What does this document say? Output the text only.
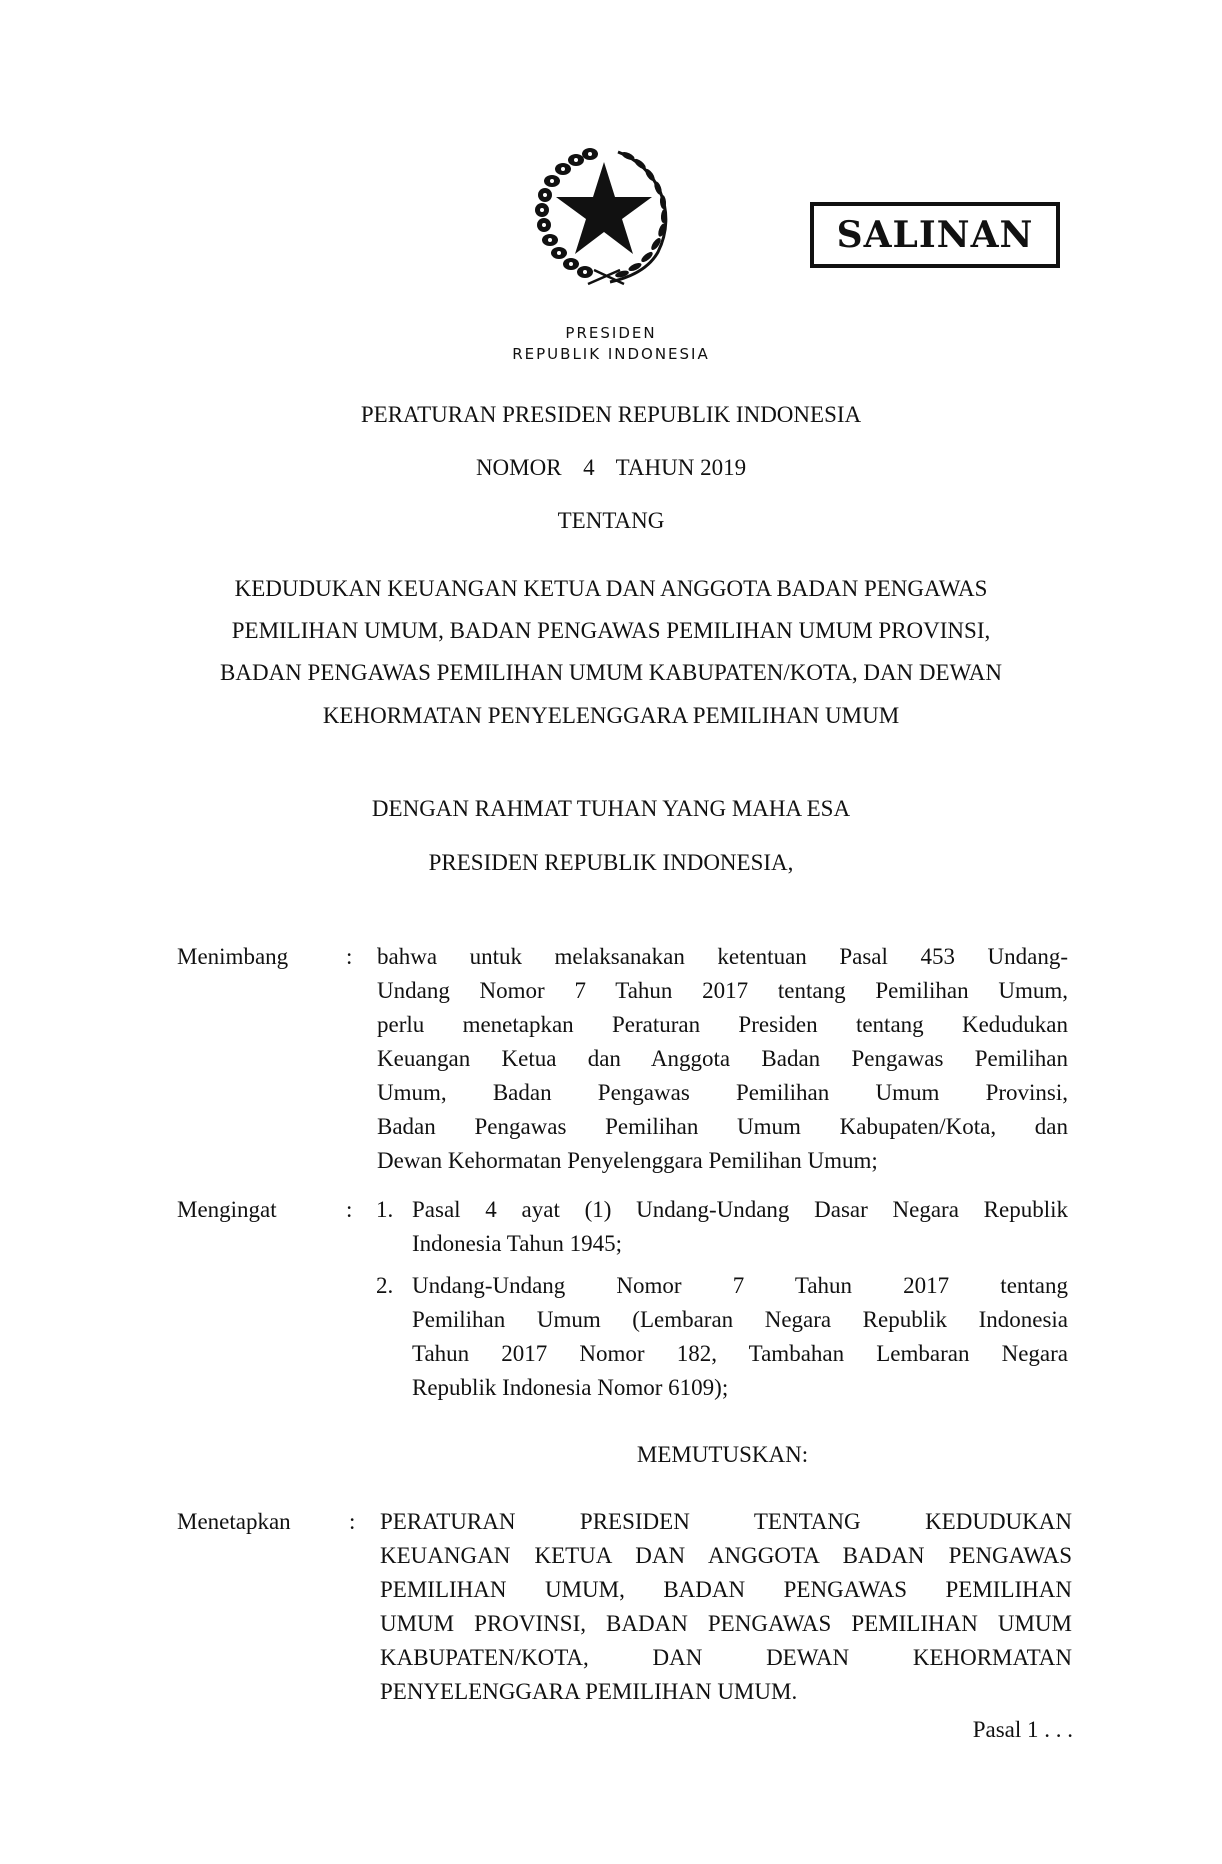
SALINAN
PRESIDEN
REPUBLIK INDONESIA
PERATURAN PRESIDEN REPUBLIK INDONESIA
NOMOR 4 TAHUN 2019
TENTANG
KEDUDUKAN KEUANGAN KETUA DAN ANGGOTA BADAN PENGAWAS
PEMILIHAN UMUM, BADAN PENGAWAS PEMILIHAN UMUM PROVINSI,
BADAN PENGAWAS PEMILIHAN UMUM KABUPATEN/KOTA, DAN DEWAN
KEHORMATAN PENYELENGGARA PEMILIHAN UMUM
DENGAN RAHMAT TUHAN YANG MAHA ESA
PRESIDEN REPUBLIK INDONESIA,
Menimbang	: bahwa untuk melaksanakan ketentuan Pasal 453 Undang-
Undang Nomor 7 Tahun 2017 tentang Pemilihan Umum,
perlu menetapkan Peraturan Presiden tentang Kedudukan
Keuangan Ketua dan Anggota Badan Pengawas Pemilihan
Umum, Badan Pengawas Pemilihan Umum Provinsi,
Badan Pengawas Pemilihan Umum Kabupaten/Kota, dan
Dewan Kehormatan Penyelenggara Pemilihan Umum;
Mengingat	: 1. Pasal 4 ayat (1) Undang-Undang Dasar Negara Republik
Indonesia Tahun 1945;
2. Undang-Undang Nomor 7 Tahun 2017 tentang
Pemilihan Umum (Lembaran Negara Republik Indonesia
Tahun 2017 Nomor 182, Tambahan Lembaran Negara
Republik Indonesia Nomor 6109);
MEMUTUSKAN:
Menetapkan	: PERATURAN PRESIDEN TENTANG KEDUDUKAN
KEUANGAN KETUA DAN ANGGOTA BADAN PENGAWAS
PEMILIHAN UMUM, BADAN PENGAWAS PEMILIHAN
UMUM PROVINSI, BADAN PENGAWAS PEMILIHAN UMUM
KABUPATEN/KOTA, DAN DEWAN KEHORMATAN
PENYELENGGARA PEMILIHAN UMUM.
Pasal 1 . . .
